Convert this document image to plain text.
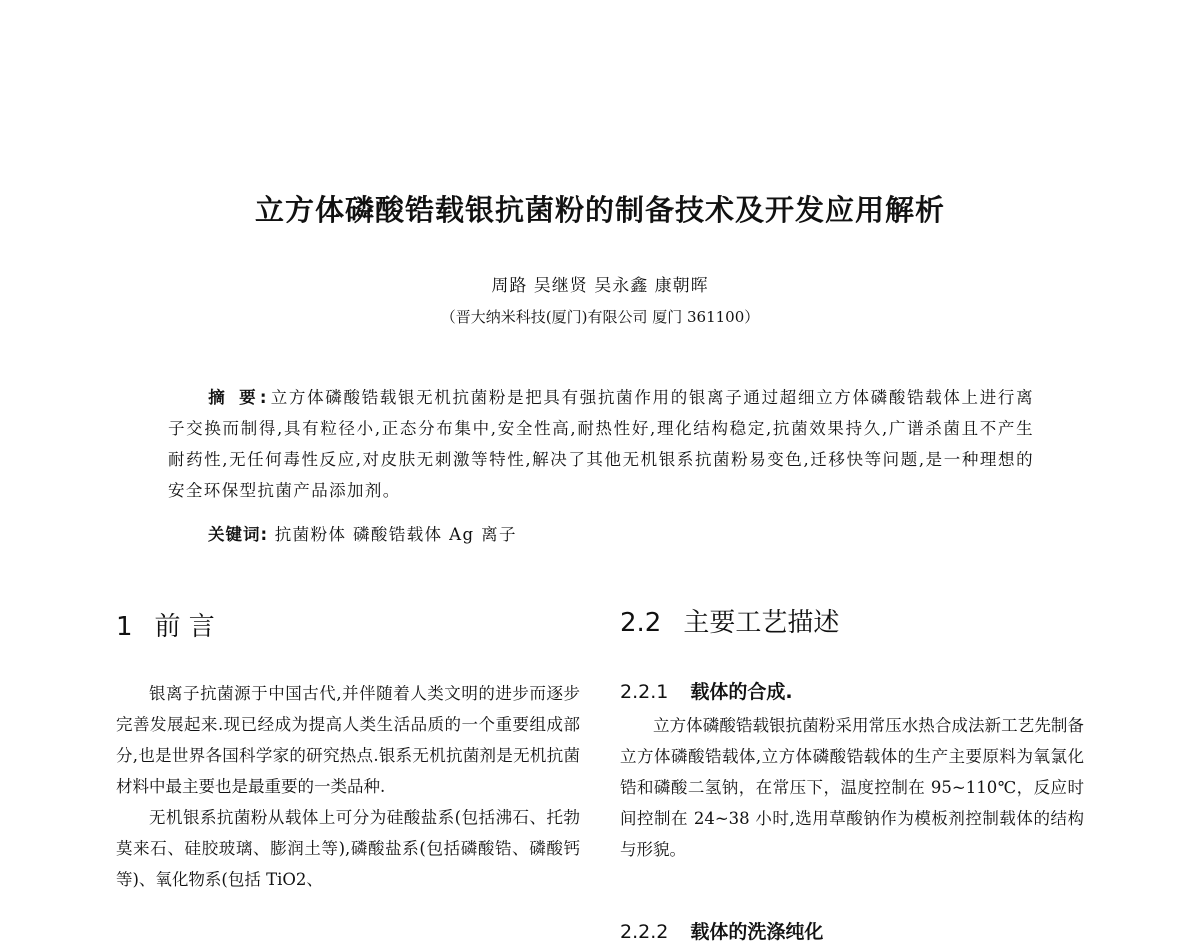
立方体磷酸锆载银抗菌粉的制备技术及开发应用解析
周路 吴继贤 吴永鑫 康朝晖
（晋大纳米科技(厦门)有限公司 厦门 361100）
摘 要:立方体磷酸锆载银无机抗菌粉是把具有强抗菌作用的银离子通过超细立方体磷酸锆载体上进行离子交换而制得,具有粒径小,正态分布集中,安全性高,耐热性好,理化结构稳定,抗菌效果持久,广谱杀菌且不产生耐药性,无任何毒性反应,对皮肤无刺激等特性,解决了其他无机银系抗菌粉易变色,迁移快等问题,是一种理想的安全环保型抗菌产品添加剂。
关键词: 抗菌粉体 磷酸锆载体 Ag 离子
1 前 言

银离子抗菌源于中国古代,并伴随着人类文明的进步而逐步完善发展起来.现已经成为提高人类生活品质的一个重要组成部分,也是世界各国科学家的研究热点.银系无机抗菌剂是无机抗菌材料中最主要也是最重要的一类品种.

无机银系抗菌粉从载体上可分为硅酸盐系(包括沸石、托勃莫来石、硅胶玻璃、膨润土等),磷酸盐系(包括磷酸锆、磷酸钙等)、氧化物系(包括 TiO2、

2.2 主要工艺描述
2.2.1 载体的合成.

立方体磷酸锆载银抗菌粉采用常压水热合成法新工艺先制备立方体磷酸锆载体,立方体磷酸锆载体的生产主要原料为氧氯化锆和磷酸二氢钠，在常压下，温度控制在 95~110℃，反应时间控制在 24~38 小时,选用草酸钠作为模板剂控制载体的结构与形貌。

2.2.2 载体的洗涤纯化
